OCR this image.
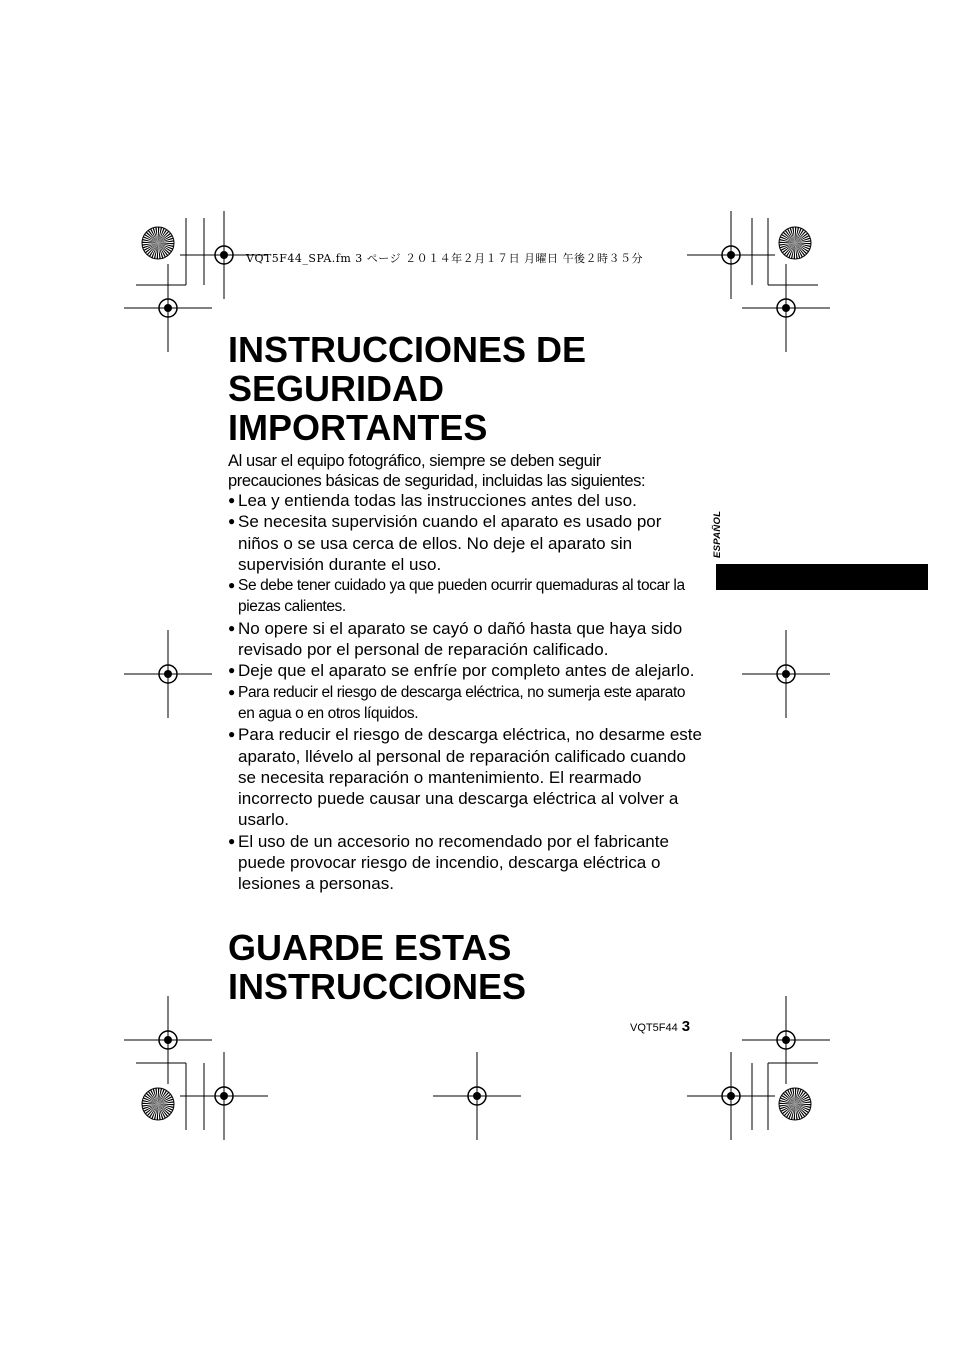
VQT5F44_SPA.fm 3 ページ ２０１４年２月１７日 月曜日 午後２時３５分
INSTRUCCIONES DE SEGURIDAD IMPORTANTES
Al usar el equipo fotográfico, siempre se deben seguir precauciones básicas de seguridad, incluidas las siguientes:
● Lea y entienda todas las instrucciones antes del uso.
● Se necesita supervisión cuando el aparato es usado por niños o se usa cerca de ellos. No deje el aparato sin supervisión durante el uso.
● Se debe tener cuidado ya que pueden ocurrir quemaduras al tocar la piezas calientes.
● No opere si el aparato se cayó o dañó hasta que haya sido revisado por el personal de reparación calificado.
● Deje que el aparato se enfríe por completo antes de alejarlo.
● Para reducir el riesgo de descarga eléctrica, no sumerja este aparato en agua o en otros líquidos.
● Para reducir el riesgo de descarga eléctrica, no desarme este aparato, llévelo al personal de reparación calificado cuando se necesita reparación o mantenimiento. El rearmado incorrecto puede causar una descarga eléctrica al volver a usarlo.
● El uso de un accesorio no recomendado por el fabricante puede provocar riesgo de incendio, descarga eléctrica o lesiones a personas.
GUARDE ESTAS INSTRUCCIONES
ESPAÑOL
VQT5F44 3
